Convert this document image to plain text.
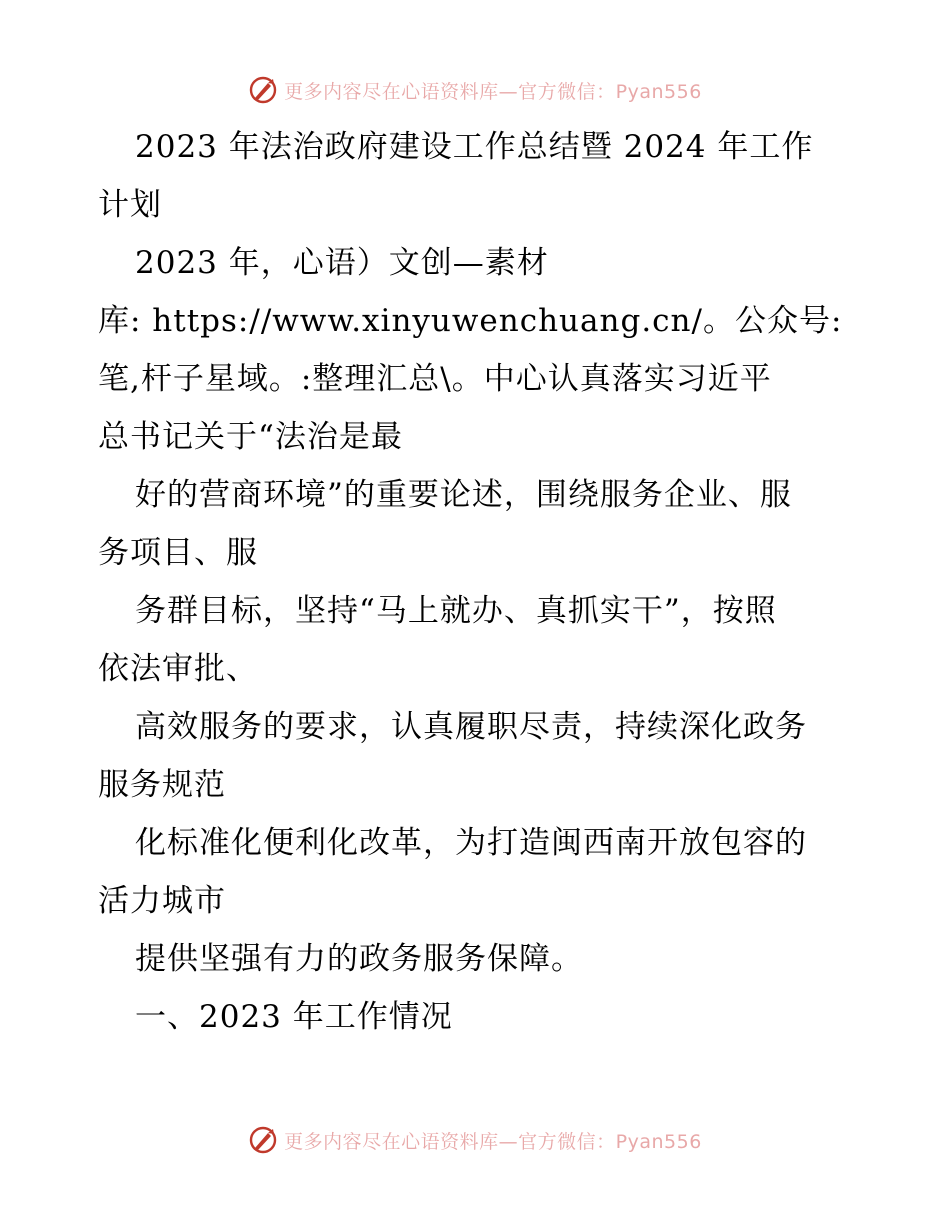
更多内容尽在心语资料库—官方微信：Pyan556
2023 年法治政府建设工作总结暨 2024 年工作
计划
2023 年，心语）文创—素材
库: https://www.xinyuwenchuang.cn/。公众号:
笔,杆子星域。:整理汇总\。中心认真落实习近平
总书记关于“法治是最
好的营商环境”的重要论述，围绕服务企业、服
务项目、服
务群目标，坚持“马上就办、真抓实干”，按照
依法审批、
高效服务的要求，认真履职尽责，持续深化政务
服务规范
化标准化便利化改革，为打造闽西南开放包容的
活力城市
提供坚强有力的政务服务保障。
一、2023 年工作情况
更多内容尽在心语资料库—官方微信：Pyan556
